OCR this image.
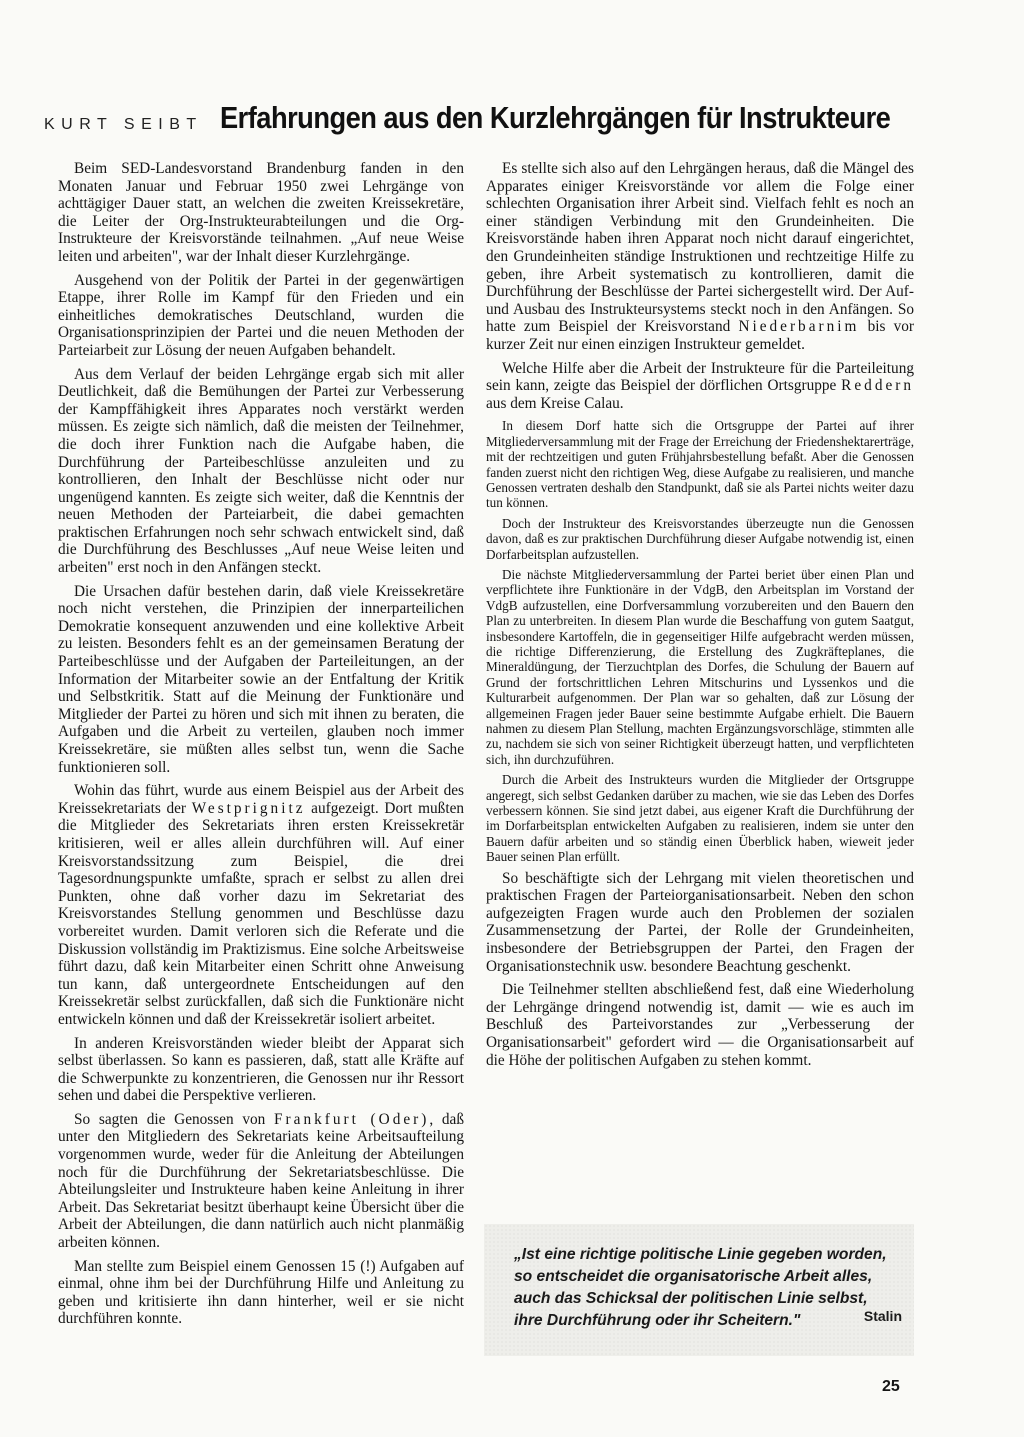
KURT SEIBT Erfahrungen aus den Kurzlehrgängen für Instrukteure

Beim SED-Landesvorstand Brandenburg fanden in den Monaten Januar und Februar 1950 zwei Lehrgänge von achttägiger Dauer statt, an welchen die zweiten Kreissekretäre, die Leiter der Org-Instrukteurabteilungen und die Org-Instrukteure der Kreisvorstände teilnahmen. „Auf neue Weise leiten und arbeiten", war der Inhalt dieser Kurzlehrgänge.

Ausgehend von der Politik der Partei in der gegenwärtigen Etappe, ihrer Rolle im Kampf für den Frieden und ein einheitliches demokratisches Deutschland, wurden die Organisationsprinzipien der Partei und die neuen Methoden der Parteiarbeit zur Lösung der neuen Aufgaben behandelt.

Aus dem Verlauf der beiden Lehrgänge ergab sich mit aller Deutlichkeit, daß die Bemühungen der Partei zur Verbesserung der Kampffähigkeit ihres Apparates noch verstärkt werden müssen. Es zeigte sich nämlich, daß die meisten der Teilnehmer, die doch ihrer Funktion nach die Aufgabe haben, die Durchführung der Parteibeschlüsse anzuleiten und zu kontrollieren, den Inhalt der Beschlüsse nicht oder nur ungenügend kannten. Es zeigte sich weiter, daß die Kenntnis der neuen Methoden der Parteiarbeit, die dabei gemachten praktischen Erfahrungen noch sehr schwach entwickelt sind, daß die Durchführung des Beschlusses „Auf neue Weise leiten und arbeiten" erst noch in den Anfängen steckt.

Die Ursachen dafür bestehen darin, daß viele Kreissekretäre noch nicht verstehen, die Prinzipien der innerparteilichen Demokratie konsequent anzuwenden und eine kollektive Arbeit zu leisten. Besonders fehlt es an der gemeinsamen Beratung der Parteibeschlüsse und der Aufgaben der Parteileitungen, an der Information der Mitarbeiter sowie an der Entfaltung der Kritik und Selbstkritik. Statt auf die Meinung der Funktionäre und Mitglieder der Partei zu hören und sich mit ihnen zu beraten, die Aufgaben und die Arbeit zu verteilen, glauben noch immer Kreissekretäre, sie müßten alles selbst tun, wenn die Sache funktionieren soll.

Wohin das führt, wurde aus einem Beispiel aus der Arbeit des Kreissekretariats der Westprignitz aufgezeigt. Dort mußten die Mitglieder des Sekretariats ihren ersten Kreissekretär kritisieren, weil er alles allein durchführen will. Auf einer Kreisvorstandssitzung zum Beispiel, die drei Tagesordnungspunkte umfaßte, sprach er selbst zu allen drei Punkten, ohne daß vorher dazu im Sekretariat des Kreisvorstandes Stellung genommen und Beschlüsse dazu vorbereitet wurden. Damit verloren sich die Referate und die Diskussion vollständig im Praktizismus. Eine solche Arbeitsweise führt dazu, daß kein Mitarbeiter einen Schritt ohne Anweisung tun kann, daß untergeordnete Entscheidungen auf den Kreissekretär selbst zurückfallen, daß sich die Funktionäre nicht entwickeln können und daß der Kreissekretär isoliert arbeitet.

In anderen Kreisvorständen wieder bleibt der Apparat sich selbst überlassen. So kann es passieren, daß, statt alle Kräfte auf die Schwerpunkte zu konzentrieren, die Genossen nur ihr Ressort sehen und dabei die Perspektive verlieren.

So sagten die Genossen von Frankfurt (Oder), daß unter den Mitgliedern des Sekretariats keine Arbeitsaufteilung vorgenommen wurde, weder für die Anleitung der Abteilungen noch für die Durchführung der Sekretariatsbeschlüsse. Die Abteilungsleiter und Instrukteure haben keine Anleitung in ihrer Arbeit. Das Sekretariat besitzt überhaupt keine Übersicht über die Arbeit der Abteilungen, die dann natürlich auch nicht planmäßig arbeiten können.

Man stellte zum Beispiel einem Genossen 15 (!) Aufgaben auf einmal, ohne ihm bei der Durchführung Hilfe und Anleitung zu geben und kritisierte ihn dann hinterher, weil er sie nicht durchführen konnte.

Es stellte sich also auf den Lehrgängen heraus, daß die Mängel des Apparates einiger Kreisvorstände vor allem die Folge einer schlechten Organisation ihrer Arbeit sind. Vielfach fehlt es noch an einer ständigen Verbindung mit den Grundeinheiten. Die Kreisvorstände haben ihren Apparat noch nicht darauf eingerichtet, den Grundeinheiten ständige Instruktionen und rechtzeitige Hilfe zu geben, ihre Arbeit systematisch zu kontrollieren, damit die Durchführung der Beschlüsse der Partei sichergestellt wird. Der Auf- und Ausbau des Instrukteursystems steckt noch in den Anfängen. So hatte zum Beispiel der Kreisvorstand Niederbarnim bis vor kurzer Zeit nur einen einzigen Instrukteur gemeldet.

Welche Hilfe aber die Arbeit der Instrukteure für die Parteileitung sein kann, zeigte das Beispiel der dörflichen Ortsgruppe Reddern aus dem Kreise Calau.

In diesem Dorf hatte sich die Ortsgruppe der Partei auf ihrer Mitgliederversammlung mit der Frage der Erreichung der Friedenshektarerträge, mit der rechtzeitigen und guten Frühjahrsbestellung befaßt. Aber die Genossen fanden zuerst nicht den richtigen Weg, diese Aufgabe zu realisieren, und manche Genossen vertraten deshalb den Standpunkt, daß sie als Partei nichts weiter dazu tun können.

Doch der Instrukteur des Kreisvorstandes überzeugte nun die Genossen davon, daß es zur praktischen Durchführung dieser Aufgabe notwendig ist, einen Dorfarbeitsplan aufzustellen.

Die nächste Mitgliederversammlung der Partei beriet über einen Plan und verpflichtete ihre Funktionäre in der VdgB, den Arbeitsplan im Vorstand der VdgB aufzustellen, eine Dorfversammlung vorzubereiten und den Bauern den Plan zu unterbreiten. In diesem Plan wurde die Beschaffung von gutem Saatgut, insbesondere Kartoffeln, die in gegenseitiger Hilfe aufgebracht werden müssen, die richtige Differenzierung, die Erstellung des Zugkräfteplanes, die Mineraldüngung, der Tierzuchtplan des Dorfes, die Schulung der Bauern auf Grund der fortschrittlichen Lehren Mitschurins und Lyssenkos und die Kulturarbeit aufgenommen. Der Plan war so gehalten, daß zur Lösung der allgemeinen Fragen jeder Bauer seine bestimmte Aufgabe erhielt. Die Bauern nahmen zu diesem Plan Stellung, machten Ergänzungsvorschläge, stimmten alle zu, nachdem sie sich von seiner Richtigkeit überzeugt hatten, und verpflichteten sich, ihn durchzuführen.

Durch die Arbeit des Instrukteurs wurden die Mitglieder der Ortsgruppe angeregt, sich selbst Gedanken darüber zu machen, wie sie das Leben des Dorfes verbessern können. Sie sind jetzt dabei, aus eigener Kraft die Durchführung der im Dorfarbeitsplan entwickelten Aufgaben zu realisieren, indem sie unter den Bauern dafür arbeiten und so ständig einen Überblick haben, wieweit jeder Bauer seinen Plan erfüllt.

So beschäftigte sich der Lehrgang mit vielen theoretischen und praktischen Fragen der Parteiorganisationsarbeit. Neben den schon aufgezeigten Fragen wurde auch den Problemen der sozialen Zusammensetzung der Partei, der Rolle der Grundeinheiten, insbesondere der Betriebsgruppen der Partei, den Fragen der Organisationstechnik usw. besondere Beachtung geschenkt.

Die Teilnehmer stellten abschließend fest, daß eine Wiederholung der Lehrgänge dringend notwendig ist, damit — wie es auch im Beschluß des Parteivorstandes zur „Verbesserung der Organisationsarbeit" gefordert wird — die Organisationsarbeit auf die Höhe der politischen Aufgaben zu stehen kommt.

„Ist eine richtige politische Linie gegeben worden, so entscheidet die organisatorische Arbeit alles, auch das Schicksal der politischen Linie selbst, ihre Durchführung oder ihr Scheitern."	Stalin
25
